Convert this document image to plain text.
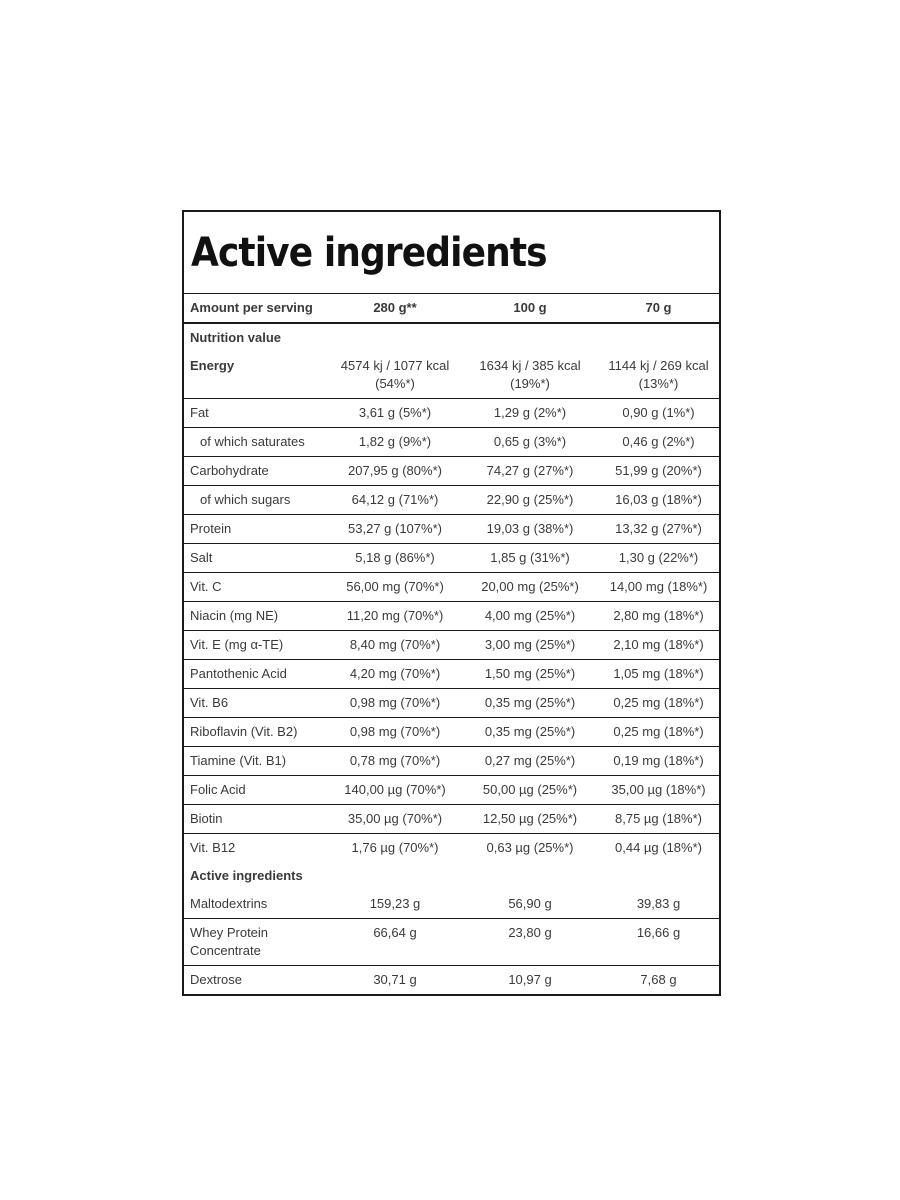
Active ingredients
Amount per serving	280 g**	100 g	70 g
Nutrition value			
Energy	4574 kj / 1077 kcal (54%*)	1634 kj / 385 kcal (19%*)	1144 kj / 269 kcal (13%*)
Fat	3,61 g (5%*)	1,29 g (2%*)	0,90 g (1%*)
of which saturates	1,82 g (9%*)	0,65 g (3%*)	0,46 g (2%*)
Carbohydrate	207,95 g (80%*)	74,27 g (27%*)	51,99 g (20%*)
of which sugars	64,12 g (71%*)	22,90 g (25%*)	16,03 g (18%*)
Protein	53,27 g (107%*)	19,03 g (38%*)	13,32 g (27%*)
Salt	5,18 g (86%*)	1,85 g (31%*)	1,30 g (22%*)
Vit. C	56,00 mg (70%*)	20,00 mg (25%*)	14,00 mg (18%*)
Niacin (mg NE)	11,20 mg (70%*)	4,00 mg (25%*)	2,80 mg (18%*)
Vit. E (mg α-TE)	8,40 mg (70%*)	3,00 mg (25%*)	2,10 mg (18%*)
Pantothenic Acid	4,20 mg (70%*)	1,50 mg (25%*)	1,05 mg (18%*)
Vit. B6	0,98 mg (70%*)	0,35 mg (25%*)	0,25 mg (18%*)
Riboflavin (Vit. B2)	0,98 mg (70%*)	0,35 mg (25%*)	0,25 mg (18%*)
Tiamine (Vit. B1)	0,78 mg (70%*)	0,27 mg (25%*)	0,19 mg (18%*)
Folic Acid	140,00 µg (70%*)	50,00 µg (25%*)	35,00 µg (18%*)
Biotin	35,00 µg (70%*)	12,50 µg (25%*)	8,75 µg (18%*)
Vit. B12	1,76 µg (70%*)	0,63 µg (25%*)	0,44 µg (18%*)
Active ingredients			
Maltodextrins	159,23 g	56,90 g	39,83 g
Whey Protein Concentrate	66,64 g	23,80 g	16,66 g
Dextrose	30,71 g	10,97 g	7,68 g
